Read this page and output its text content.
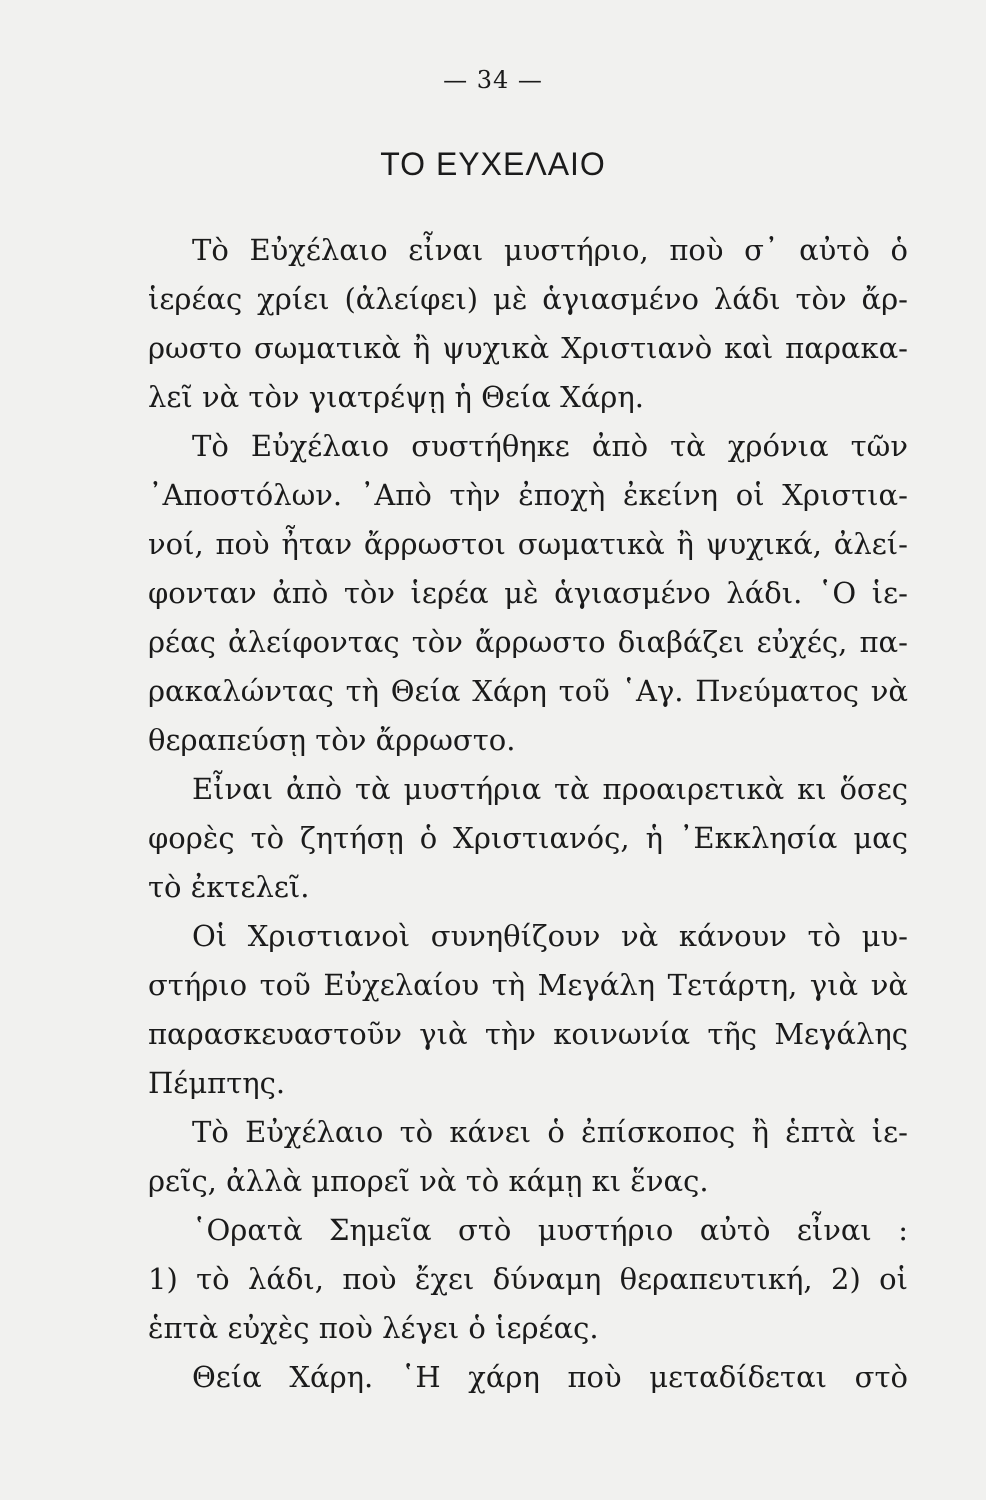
— 34 —
ΤΟ ΕΥΧΕΛΑΙΟ
Τὸ Εὐχέλαιο εἶναι μυστήριο, ποὺ σ᾿ αὐτὸ ὁ
ἱερέας χρίει (ἀλείφει) μὲ ἁγιασμένο λάδι τὸν ἄρ-
ρωστο σωματικὰ ἢ ψυχικὰ Χριστιανὸ καὶ παρακα-
λεῖ νὰ τὸν γιατρέψῃ ἡ Θεία Χάρη.
Τὸ Εὐχέλαιο συστήθηκε ἀπὸ τὰ χρόνια τῶν
᾿Αποστόλων. ᾿Απὸ τὴν ἐποχὴ ἐκείνη οἱ Χριστια-
νοί, ποὺ ἦταν ἄρρωστοι σωματικὰ ἢ ψυχικά, ἀλεί-
φονταν ἀπὸ τὸν ἱερέα μὲ ἁγιασμένο λάδι. ῾Ο ἱε-
ρέας ἀλείφοντας τὸν ἄρρωστο διαβάζει εὐχές, πα-
ρακαλώντας τὴ Θεία Χάρη τοῦ ῾Αγ. Πνεύματος νὰ
θεραπεύσῃ τὸν ἄρρωστο.
Εἶναι ἀπὸ τὰ μυστήρια τὰ προαιρετικὰ κι ὅσες
φορὲς τὸ ζητήσῃ ὁ Χριστιανός, ἡ ᾿Εκκλησία μας
τὸ ἐκτελεῖ.
Οἱ Χριστιανοὶ συνηθίζουν νὰ κάνουν τὸ μυ-
στήριο τοῦ Εὐχελαίου τὴ Μεγάλη Τετάρτη, γιὰ νὰ
παρασκευαστοῦν γιὰ τὴν κοινωνία τῆς Μεγάλης
Πέμπτης.
Τὸ Εὐχέλαιο τὸ κάνει ὁ ἐπίσκοπος ἢ ἑπτὰ ἱε-
ρεῖς, ἀλλὰ μπορεῖ νὰ τὸ κάμῃ κι ἕνας.
῾Ορατὰ Σημεῖα στὸ μυστήριο αὐτὸ εἶναι :
1) τὸ λάδι, ποὺ ἔχει δύναμη θεραπευτική, 2) οἱ
ἑπτὰ εὐχὲς ποὺ λέγει ὁ ἱερέας.
Θεία Χάρη. ῾Η χάρη ποὺ μεταδίδεται στὸ
